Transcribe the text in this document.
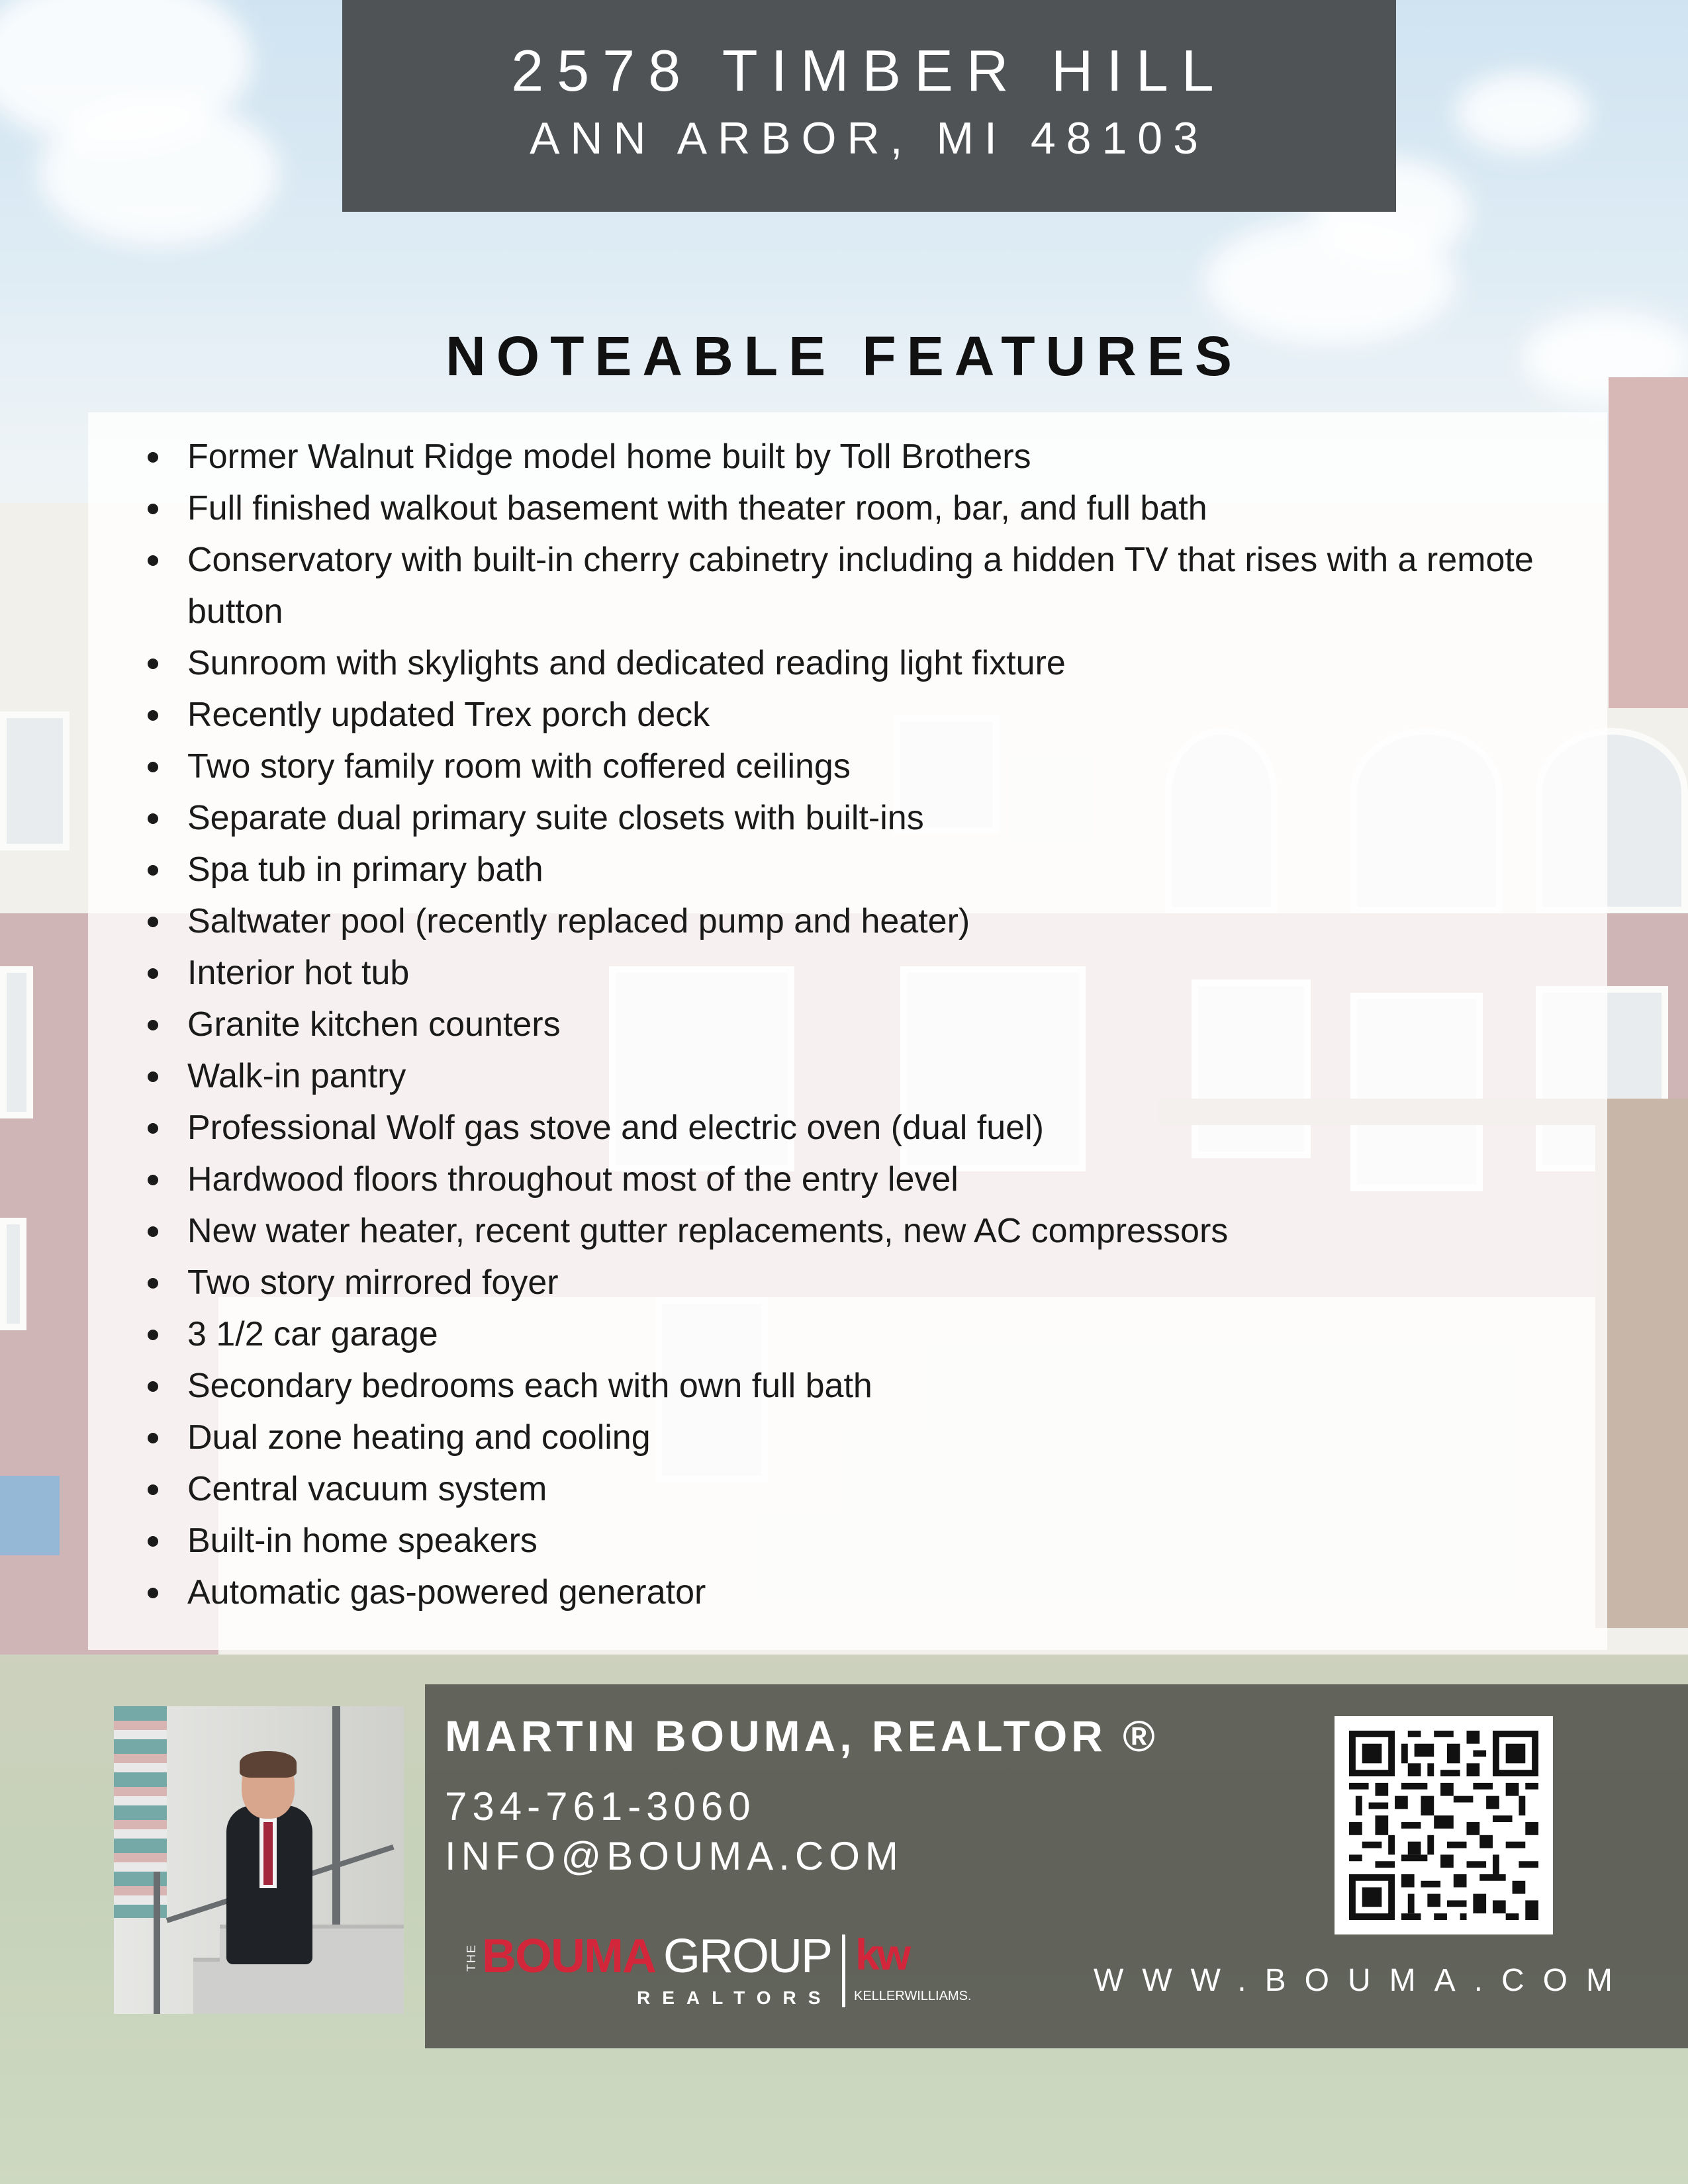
2578 TIMBER HILL
ANN ARBOR, MI 48103
NOTEABLE FEATURES
Former Walnut Ridge model home built by Toll Brothers
Full finished walkout basement with theater room, bar, and full bath
Conservatory with built-in cherry cabinetry including a hidden TV that rises with a remote button
Sunroom with skylights and dedicated reading light fixture
Recently updated Trex porch deck
Two story family room with coffered ceilings
Separate dual primary suite closets with built-ins
Spa tub in primary bath
Saltwater pool (recently replaced pump and heater)
Interior hot tub
Granite kitchen counters
Walk-in pantry
Professional Wolf gas stove and electric oven (dual fuel)
Hardwood floors throughout most of the entry level
New water heater, recent gutter replacements, new AC compressors
Two story mirrored foyer
3 1/2 car garage
Secondary bedrooms each with own full bath
Dual zone heating and cooling
Central vacuum system
Built-in home speakers
Automatic gas-powered generator
MARTIN BOUMA, REALTOR ®
734-761-3060
INFO@BOUMA.COM
THE BOUMA GROUP
REALTORS
kw
KELLERWILLIAMS.	WWW.BOUMA.COM
